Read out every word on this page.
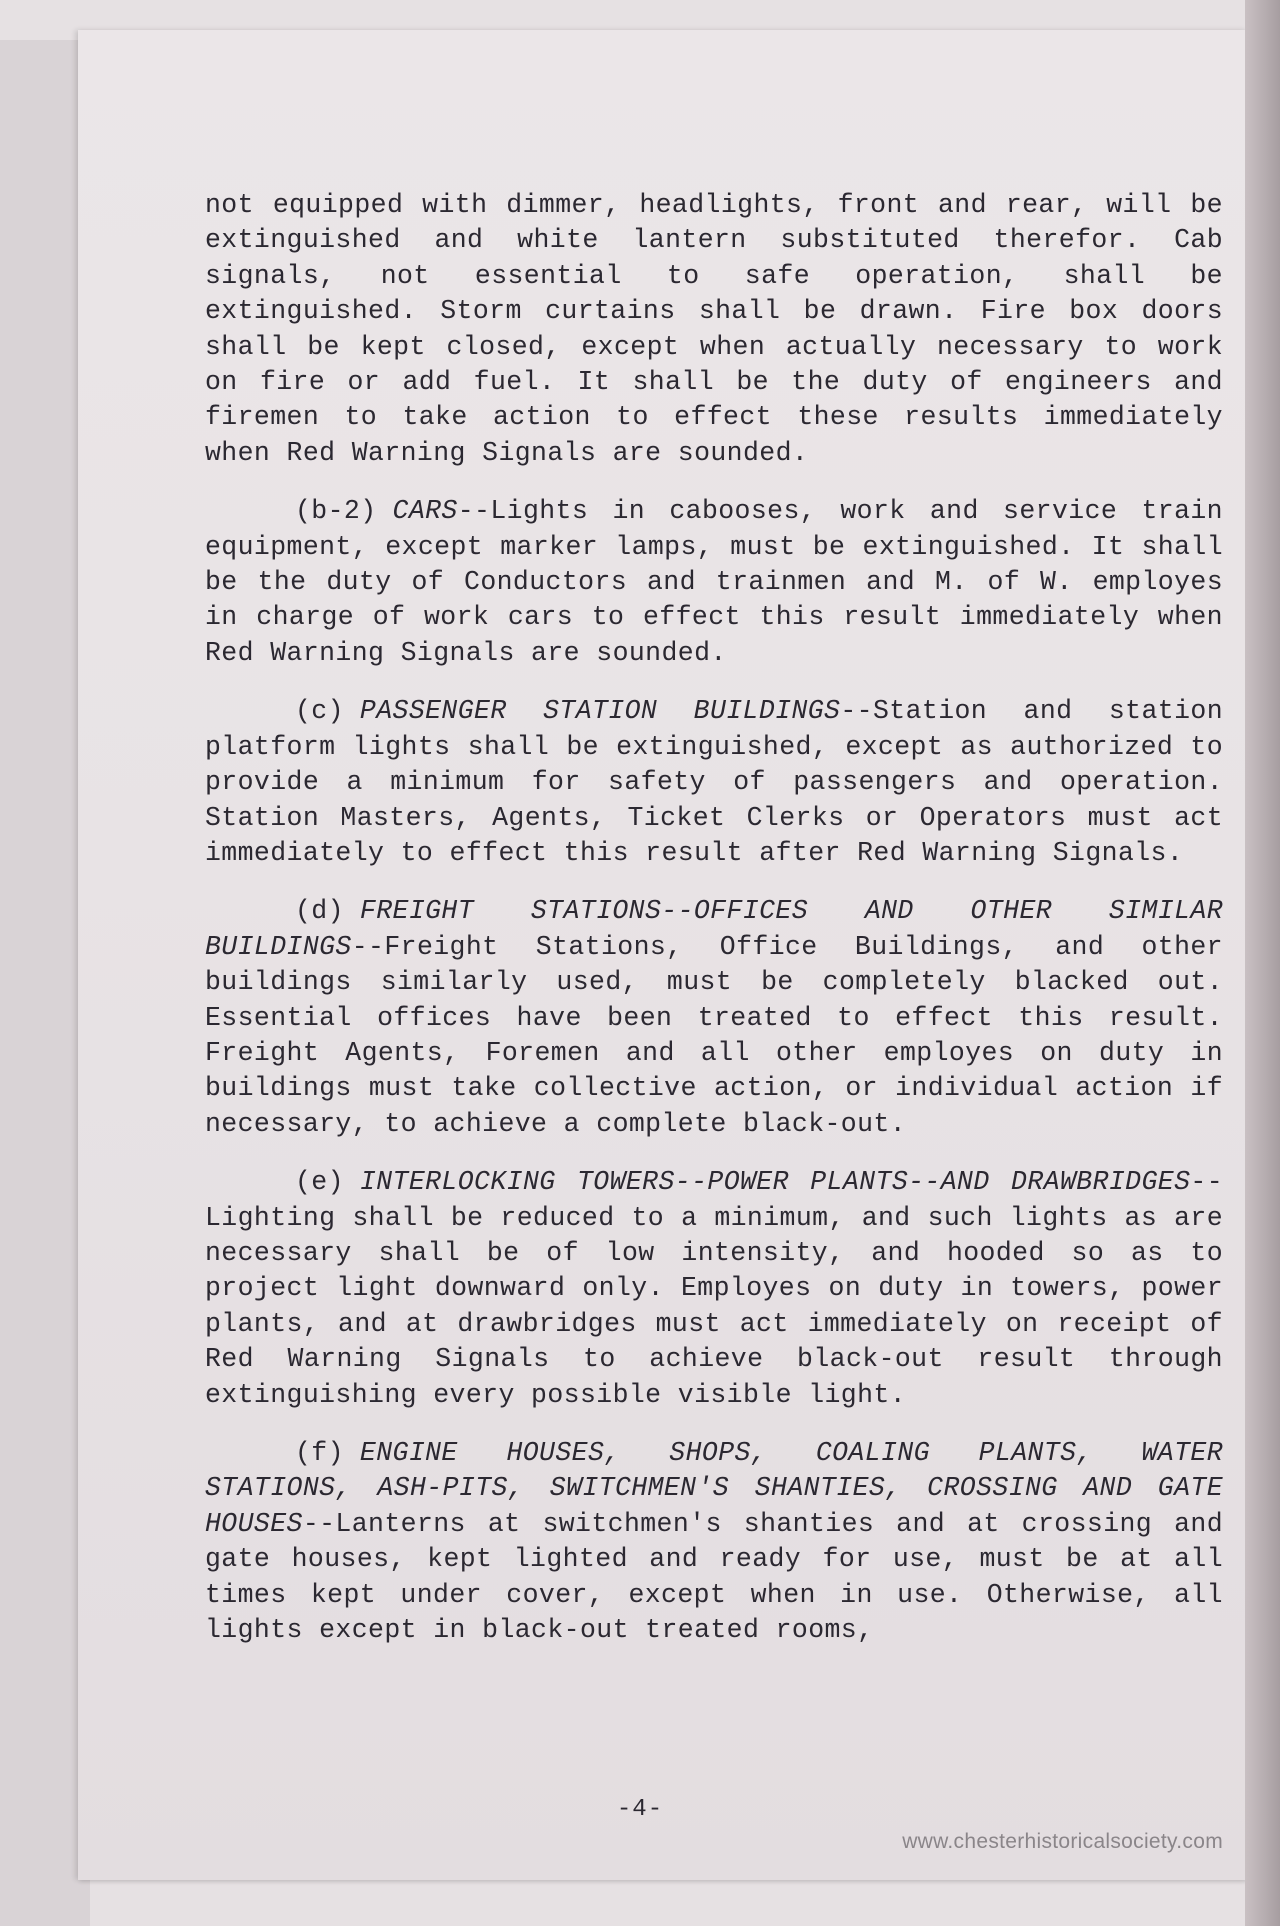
not equipped with dimmer, headlights, front and rear, will be extinguished and white lantern substituted therefor. Cab signals, not essential to safe operation, shall be extinguished. Storm curtains shall be drawn. Fire box doors shall be kept closed, except when actually necessary to work on fire or add fuel. It shall be the duty of engineers and firemen to take action to effect these results immediately when Red Warning Signals are sounded.

(b-2) CARS--Lights in cabooses, work and service train equipment, except marker lamps, must be extinguished. It shall be the duty of Conductors and trainmen and M. of W. employes in charge of work cars to effect this result immediately when Red Warning Signals are sounded.

(c) PASSENGER STATION BUILDINGS--Station and station platform lights shall be extinguished, except as authorized to provide a minimum for safety of passengers and operation. Station Masters, Agents, Ticket Clerks or Operators must act immediately to effect this result after Red Warning Signals.

(d) FREIGHT STATIONS--OFFICES AND OTHER SIMILAR BUILDINGS--Freight Stations, Office Buildings, and other buildings similarly used, must be completely blacked out. Essential offices have been treated to effect this result. Freight Agents, Foremen and all other employes on duty in buildings must take collective action, or individual action if necessary, to achieve a complete black-out.

(e) INTERLOCKING TOWERS--POWER PLANTS--AND DRAWBRIDGES--Lighting shall be reduced to a minimum, and such lights as are necessary shall be of low intensity, and hooded so as to project light downward only. Employes on duty in towers, power plants, and at drawbridges must act immediately on receipt of Red Warning Signals to achieve black-out result through extinguishing every possible visible light.

(f) ENGINE HOUSES, SHOPS, COALING PLANTS, WATER STATIONS, ASH-PITS, SWITCHMEN'S SHANTIES, CROSSING AND GATE HOUSES--Lanterns at switchmen's shanties and at crossing and gate houses, kept lighted and ready for use, must be at all times kept under cover, except when in use. Otherwise, all lights except in black-out treated rooms,

-4-
www.chesterhistoricalsociety.com
